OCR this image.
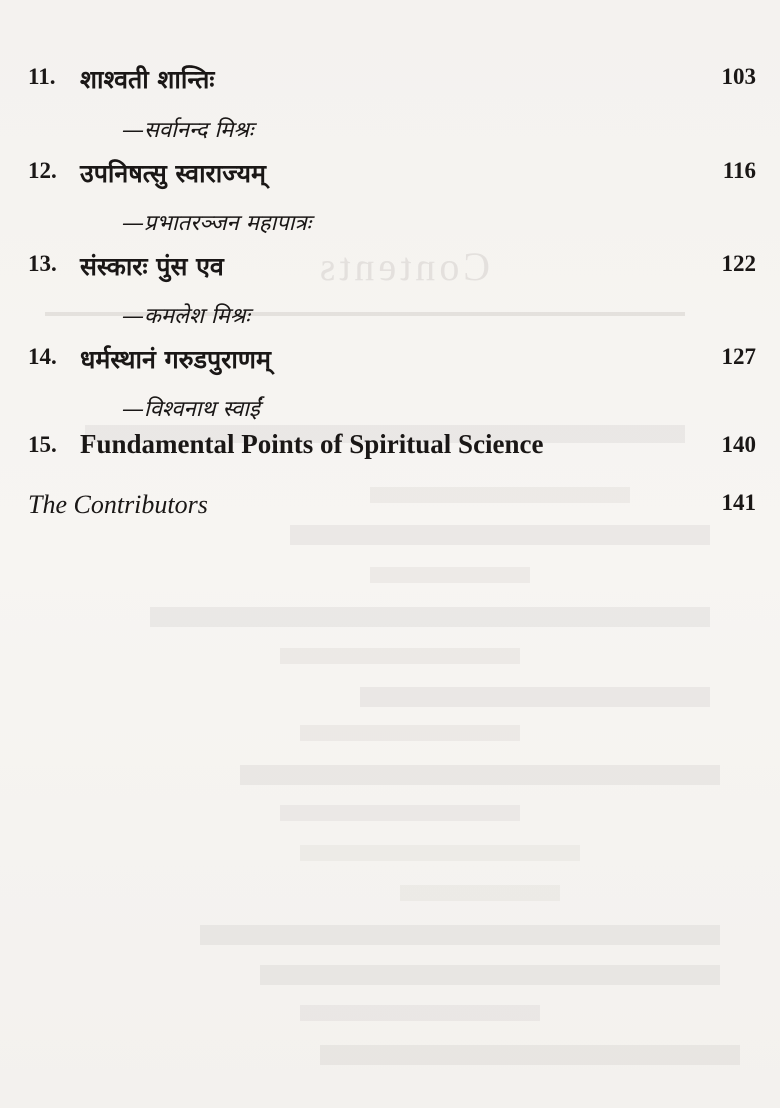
Contents
11. शाश्वती शान्तिः	103
—सर्वानन्द मिश्रः
12. उपनिषत्सु स्वाराज्यम्	116
—प्रभातरञ्जन महापात्रः
13. संस्कारः पुंस एव	122
—कमलेश मिश्रः
14. धर्मस्थानं गरुडपुराणम्	127
—विश्वनाथ स्वाईं
15. Fundamental Points of Spiritual Science	140
The Contributors	141
